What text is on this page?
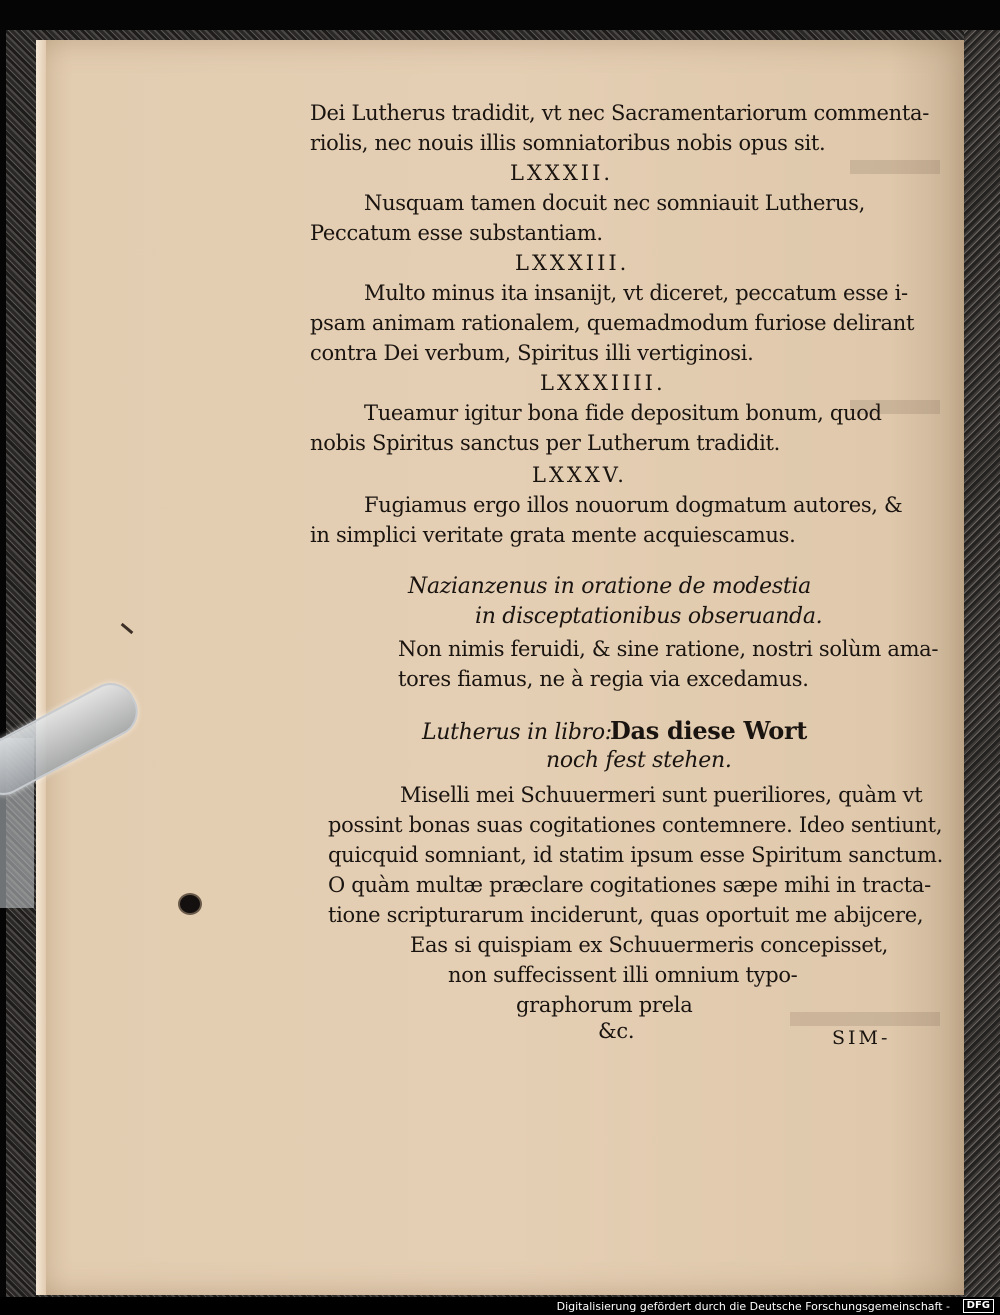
Dei Lutherus tradidit, vt nec Sacramentariorum commenta-
riolis, nec nouis illis somniatoribus nobis opus sit.
LXXXII.
Nusquam tamen docuit nec somniauit Lutherus,
Peccatum esse substantiam.
LXXXIII.
Multo minus ita insanijt, vt diceret, peccatum esse i-
psam animam rationalem, quemadmodum furiose delirant
contra Dei verbum, Spiritus illi vertiginosi.
LXXXIIII.
Tueamur igitur bona fide depositum bonum, quod
nobis Spiritus sanctus per Lutherum tradidit.
LXXXV.
Fugiamus ergo illos nouorum dogmatum autores, &
in simplici veritate grata mente acquiescamus.
Nazianzenus in oratione de modestia
in disceptationibus obseruanda.
Non nimis feruidi, & sine ratione, nostri solùm ama-
tores fiamus, ne à regia via excedamus.
Lutherus in libro:
Das diese Wort
noch fest stehen.
Miselli mei Schuuermeri sunt pueriliores, quàm vt
possint bonas suas cogitationes contemnere. Ideo sentiunt,
quicquid somniant, id statim ipsum esse Spiritum sanctum.
O quàm multæ præclare cogitationes sæpe mihi in tracta-
tione scripturarum inciderunt, quas oportuit me abijcere,
Eas si quispiam ex Schuuermeris concepisset,
non suffecissent illi omnium typo-
graphorum prela
&c.	SIM-
Digitalisierung gefördert durch die Deutsche Forschungsgemeinschaft -	DFG
